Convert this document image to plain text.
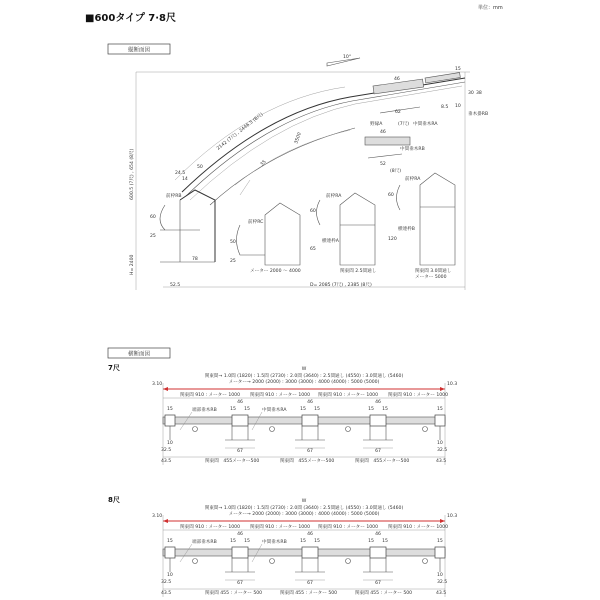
■600タイプ 7·8尺
単位：mm
縦断面図
10°
2142 (7尺) , 2446.5 (8尺)
35
3500
600.5 (7尺) , 654 (8尺)
D= 2085 (7尺) , 2385 (8尺)
H= 2400
52.5
46
15
38
30
8.5 10
62	垂木掛RB
野縁A	(7尺) 中間垂木RA
46
中間垂木RB
52
(8尺)
前枠RB
60
25
78
24.5
14
50
前枠RC
50
25
メーター 2000 ～ 4000
前枠RA
横連枠A
60
65
関東間 2.5間通し
前枠RA
横連枠B
60
120
関東間 3.0間通し
メーター 5000
横断面図
7尺	W
関東間→ 1.0間 (1820) : 1.5間 (2730) : 2.0間 (3640) : 2.5間通し (4550) : 3.0間通し (5460)
メーター→ 2000 (2000) : 3000 (3000) : 4000 (4000) : 5000 (5000)
3.10	10.3
関東間 910 : メーター 1000 関東間 910 : メーター 1000 関東間 910 : メーター 1000 関東間 910 : メーター 1000
15	15
46
15 15
67
46
15 15
67
46
15 15
67
端部垂木RB	中間垂木RA
10	10
32.5	32.5
43.5	43.5
関東間　455メーター500	関東間　455メーター500	関東間　455メーター500
8尺	W
関東間→ 1.0間 (1820) : 1.5間 (2730) : 2.0間 (3640) : 2.5間通し (4550) : 3.0間通し (5460)
メーター→ 2000 (2000) : 3000 (3000) : 4000 (4000) : 5000 (5000)
3.10	10.3
関東間 910 : メーター 1000 関東間 910 : メーター 1000 関東間 910 : メーター 1000 関東間 910 : メーター 1000
15	15
46
15 15
67
46
15 15
67
46
15 15
67
端部垂木RB	中間垂木RB
10	10
32.5	32.5
43.5	43.5
関東間 455 : メーター 500	関東間 455 : メーター 500	関東間 455 : メーター 500
